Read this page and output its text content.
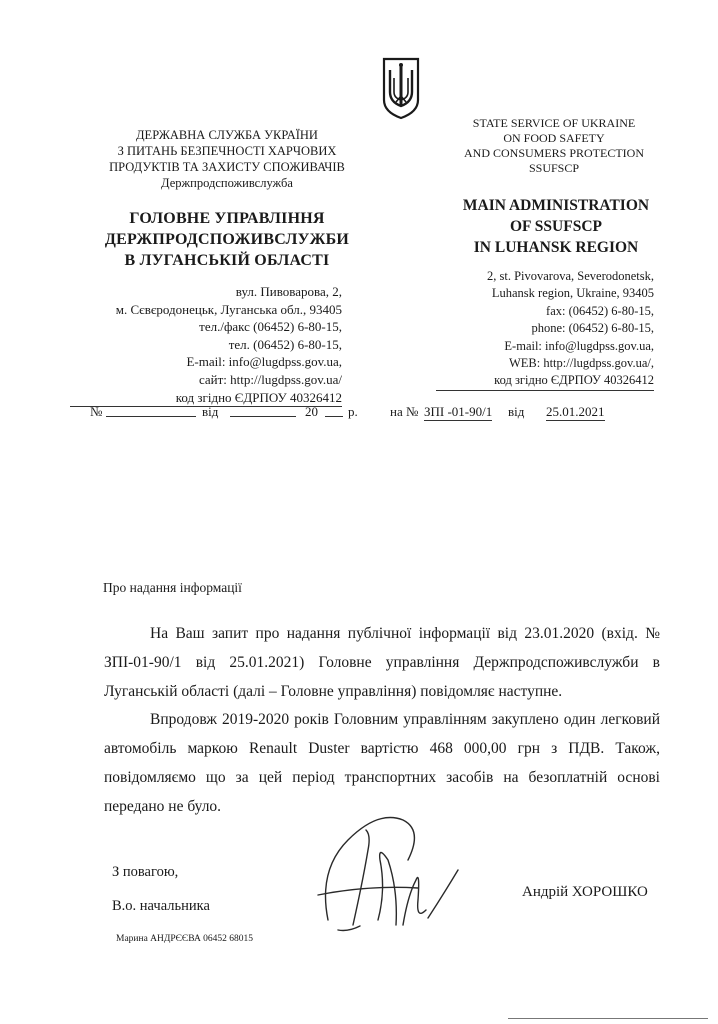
ДЕРЖАВНА СЛУЖБА УКРАЇНИ
З ПИТАНЬ БЕЗПЕЧНОСТІ ХАРЧОВИХ
ПРОДУКТІВ ТА ЗАХИСТУ СПОЖИВАЧІВ
Держпродспоживслужба
ГОЛОВНЕ УПРАВЛІННЯ
ДЕРЖПРОДСПОЖИВСЛУЖБИ
В ЛУГАНСЬКІЙ ОБЛАСТІ
вул. Пивоварова, 2,
м. Сєвєродонецьк, Луганська обл., 93405
тел./факс (06452) 6-80-15,
тел. (06452) 6-80-15,
E-mail: info@lugdpss.gov.ua,
сайт: http://lugdpss.gov.ua/
код згідно ЄДРПОУ 40326412
STATE SERVICE OF UKRAINE
ON FOOD SAFETY
AND CONSUMERS PROTECTION
SSUFSCP
MAIN ADMINISTRATION
OF SSUFSCP
IN LUHANSK REGION
2, st. Pivovarova, Severodonetsk,
Luhansk region, Ukraine, 93405
fax: (06452) 6-80-15,
phone: (06452) 6-80-15,
E-mail: info@lugdpss.gov.ua,
WEB: http://lugdpss.gov.ua/,
код згідно ЄДРПОУ 40326412
№	від	20 р. на № ЗПІ -01-90/1 від 25.01.2021
Про надання інформації
На Ваш запит про надання публічної інформації від 23.01.2020 (вхід. № ЗПІ-01-90/1 від 25.01.2021) Головне управління Держпродспоживслужби в Луганській області (далі – Головне управління) повідомляє наступне.
Впродовж 2019-2020 років Головним управлінням закуплено один легковий автомобіль маркою Renault Duster вартістю 468 000,00 грн з ПДВ. Також, повідомляємо що за цей період транспортних засобів на безоплатній основі передано не було.
З повагою,
В.о. начальника
Андрій ХОРОШКО
Марина АНДРЄЄВА 06452 68015
